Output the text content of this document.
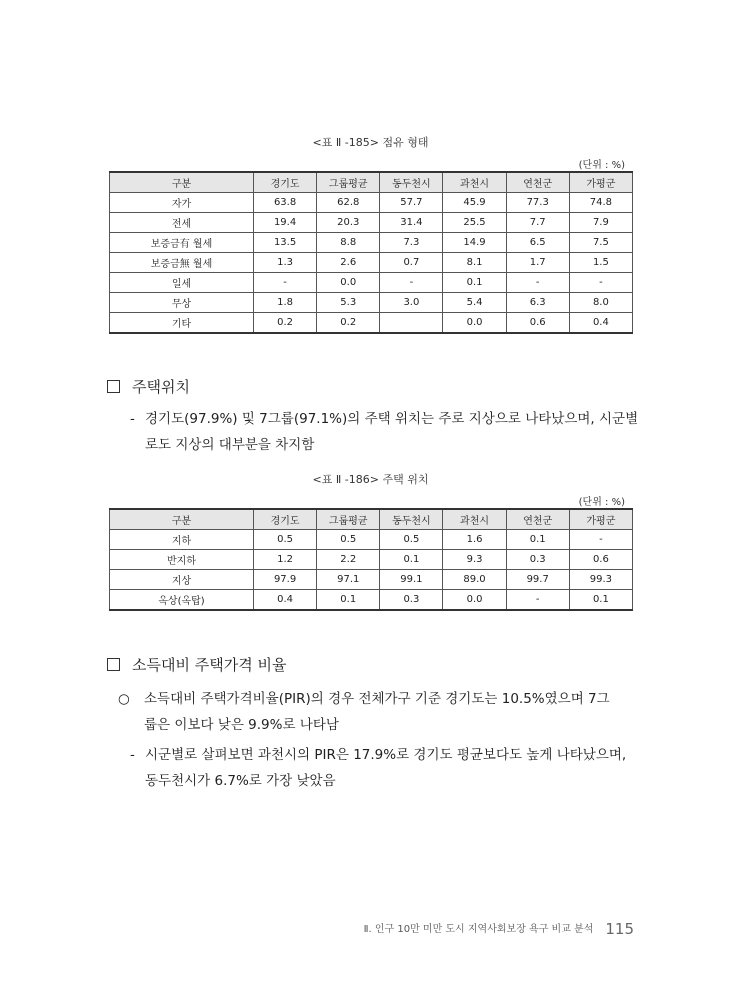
<표 Ⅱ -185> 점유 형태
(단위 : %)
구분	경기도	그룹평균	동두천시	과천시	연천군	가평군
자가	63.8	62.8	57.7	45.9	77.3	74.8
전세	19.4	20.3	31.4	25.5	7.7	7.9
보증금有 월세	13.5	8.8	7.3	14.9	6.5	7.5
보증금無 월세	1.3	2.6	0.7	8.1	1.7	1.5
일세	-	0.0	-	0.1	-	-
무상	1.8	5.3	3.0	5.4	6.3	8.0
기타	0.2	0.2		0.0	0.6	0.4
주택위치
- 경기도(97.9%) 및 7그룹(97.1%)의 주택 위치는 주로 지상으로 나타났으며, 시군별
로도 지상의 대부분을 차지함
<표 Ⅱ -186> 주택 위치
(단위 : %)
구분	경기도	그룹평균	동두천시	과천시	연천군	가평군
지하	0.5	0.5	0.5	1.6	0.1	-
반지하	1.2	2.2	0.1	9.3	0.3	0.6
지상	97.9	97.1	99.1	89.0	99.7	99.3
옥상(옥탑)	0.4	0.1	0.3	0.0	-	0.1
소득대비 주택가격 비율
○	소득대비 주택가격비율(PIR)의 경우 전체가구 기준 경기도는 10.5%였으며 7그
룹은 이보다 낮은 9.9%로 나타남
- 시군별로 살펴보면 과천시의 PIR은 17.9%로 경기도 평균보다도 높게 나타났으며,
동두천시가 6.7%로 가장 낮았음
Ⅱ. 인구 10만 미만 도시 지역사회보장 욕구 비교 분석 115
